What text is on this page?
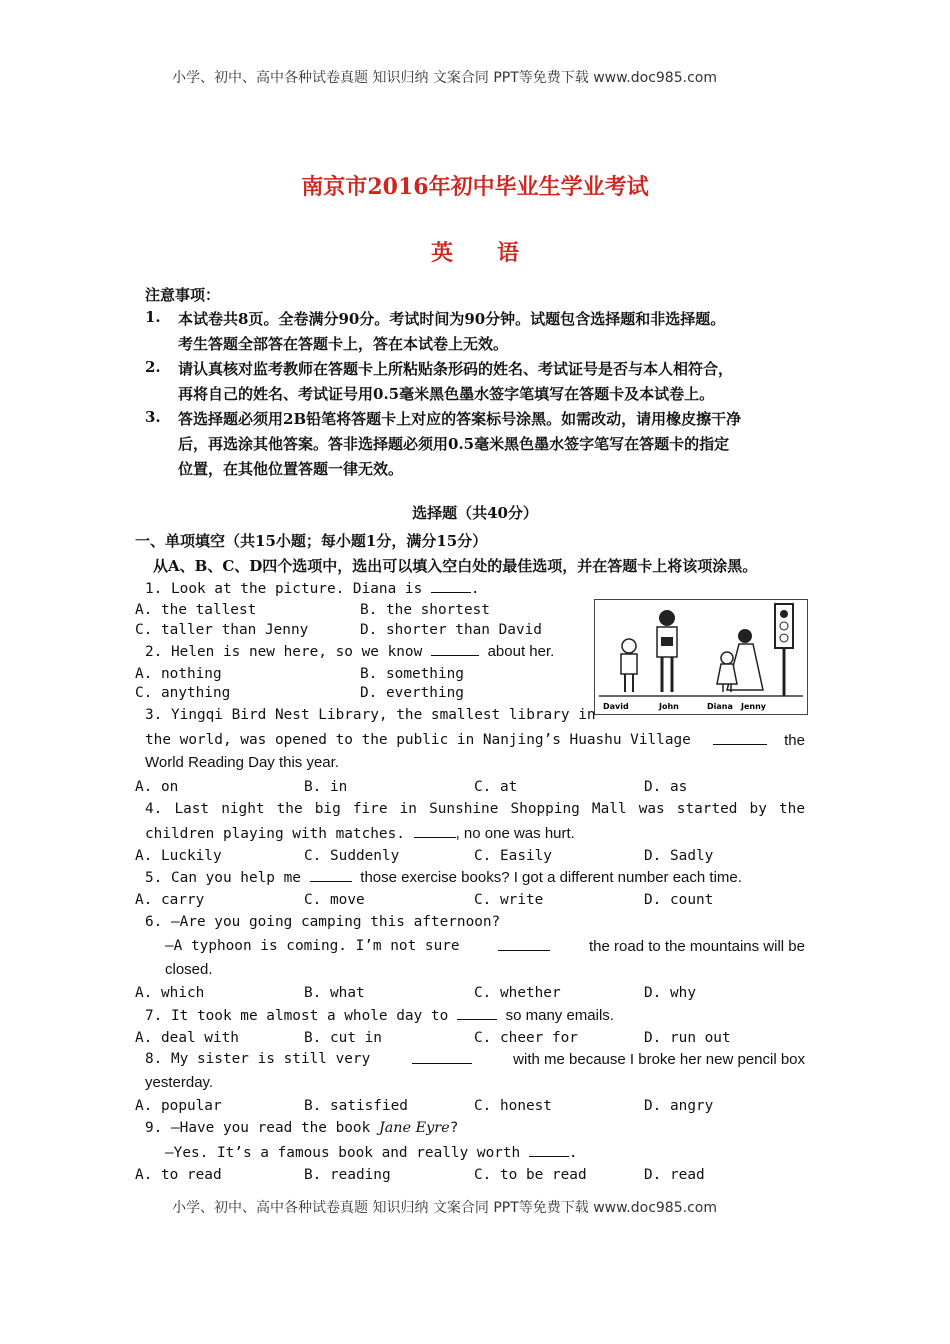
小学、初中、高中各种试卷真题 知识归纳 文案合同 PPT等免费下载 www.doc985.com
南京市2016年初中毕业生学业考试
英　　语
注意事项：
1. 本试卷共8页。全卷满分90分。考试时间为90分钟。试题包含选择题和非选择题。
考生答题全部答在答题卡上，答在本试卷上无效。
2. 请认真核对监考教师在答题卡上所粘贴条形码的姓名、考试证号是否与本人相符合，
再将自己的姓名、考试证号用0.5毫米黑色墨水签字笔填写在答题卡及本试卷上。
3. 答选择题必须用2B铅笔将答题卡上对应的答案标号涂黑。如需改动，请用橡皮擦干净
后，再选涂其他答案。答非选择题必须用0.5毫米黑色墨水签字笔写在答题卡的指定
位置，在其他位置答题一律无效。
选择题（共40分）
一、单项填空（共15小题；每小题1分，满分15分）
从A、B、C、D四个选项中，选出可以填入空白处的最佳选项，并在答题卡上将该项涂黑。
David	John	Diana Jenny
1. Look at the picture. Diana is	.
A. the tallest	B. the shortest
C. taller than Jenny	D. shorter than David
2. Helen is new here, so we know	about her.
A. nothing	B. something
C. anything	D. everthing
3. Yingqi Bird Nest Library, the smallest library in
the world, was opened to the public in Nanjing’s Huashu Village	the
World Reading Day this year.
A. on	B. in	C. at	D. as
4. Last night the big fire in Sunshine Shopping Mall was started by the
children playing with matches.	, no one was hurt.
A. Luckily	C. Suddenly	C. Easily	D. Sadly
5. Can you help me	those exercise books? I got a different number each time.
A. carry	C. move	C. write	D. count
6. —Are you going camping this afternoon?
—A typhoon is coming. I’m not sure	the road to the mountains will be
closed.
A. which	B. what	C. whether	D. why
7. It took me almost a whole day to	so many emails.
A. deal with	B. cut in	C. cheer for	D. run out
8. My sister is still very	with me because I broke her new pencil box
yesterday.
A. popular	B. satisfied	C. honest	D. angry
9. —Have you read the book Jane Eyre?
—Yes. It’s a famous book and really worth	.
A. to read	B. reading	C. to be read	D. read
小学、初中、高中各种试卷真题 知识归纳 文案合同 PPT等免费下载 www.doc985.com
